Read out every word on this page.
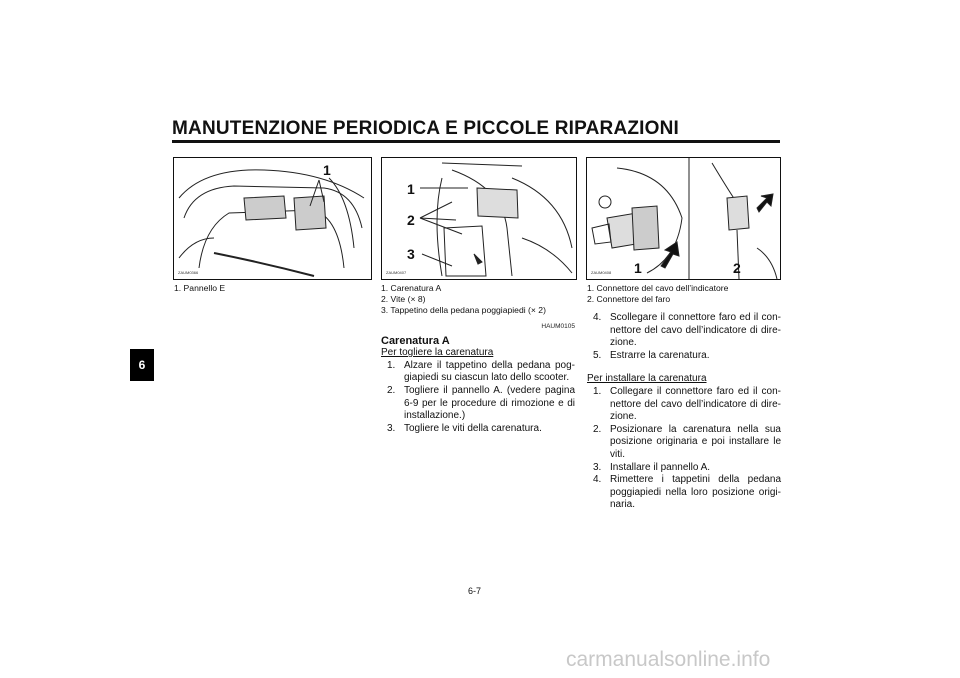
MANUTENZIONE PERIODICA E PICCOLE RIPARAZIONI
6
ZAUM0366
1
ZAUM0407
1
2
3
ZAUM0408 1	2
1. Pannello E	1. Carenatura A
2. Vite (× 8)
3. Tappetino della pedana poggiapiedi (× 2)
1. Connettore del cavo dell’indicatore
2. Connettore del faro
HAUM0105
Carenatura A
Per togliere la carenatura
1. Alzare il tappetino della pedana pog-giapiedi su ciascun lato dello scooter.
2. Togliere il pannello A. (vedere pagina 6-9 per le procedure di rimozione e di installazione.)
3. Togliere le viti della carenatura.
4. Scollegare il connettore faro ed il con-nettore del cavo dell’indicatore di dire-zione.
5. Estrarre la carenatura.
Per installare la carenatura
1. Collegare il connettore faro ed il con-nettore del cavo dell’indicatore di dire-zione.
2. Posizionare la carenatura nella sua posizione originaria e poi installare le viti.
3. Installare il pannello A.
4. Rimettere i tappetini della pedana poggiapiedi nella loro posizione origi-naria.
6-7
carmanualsonline.info
